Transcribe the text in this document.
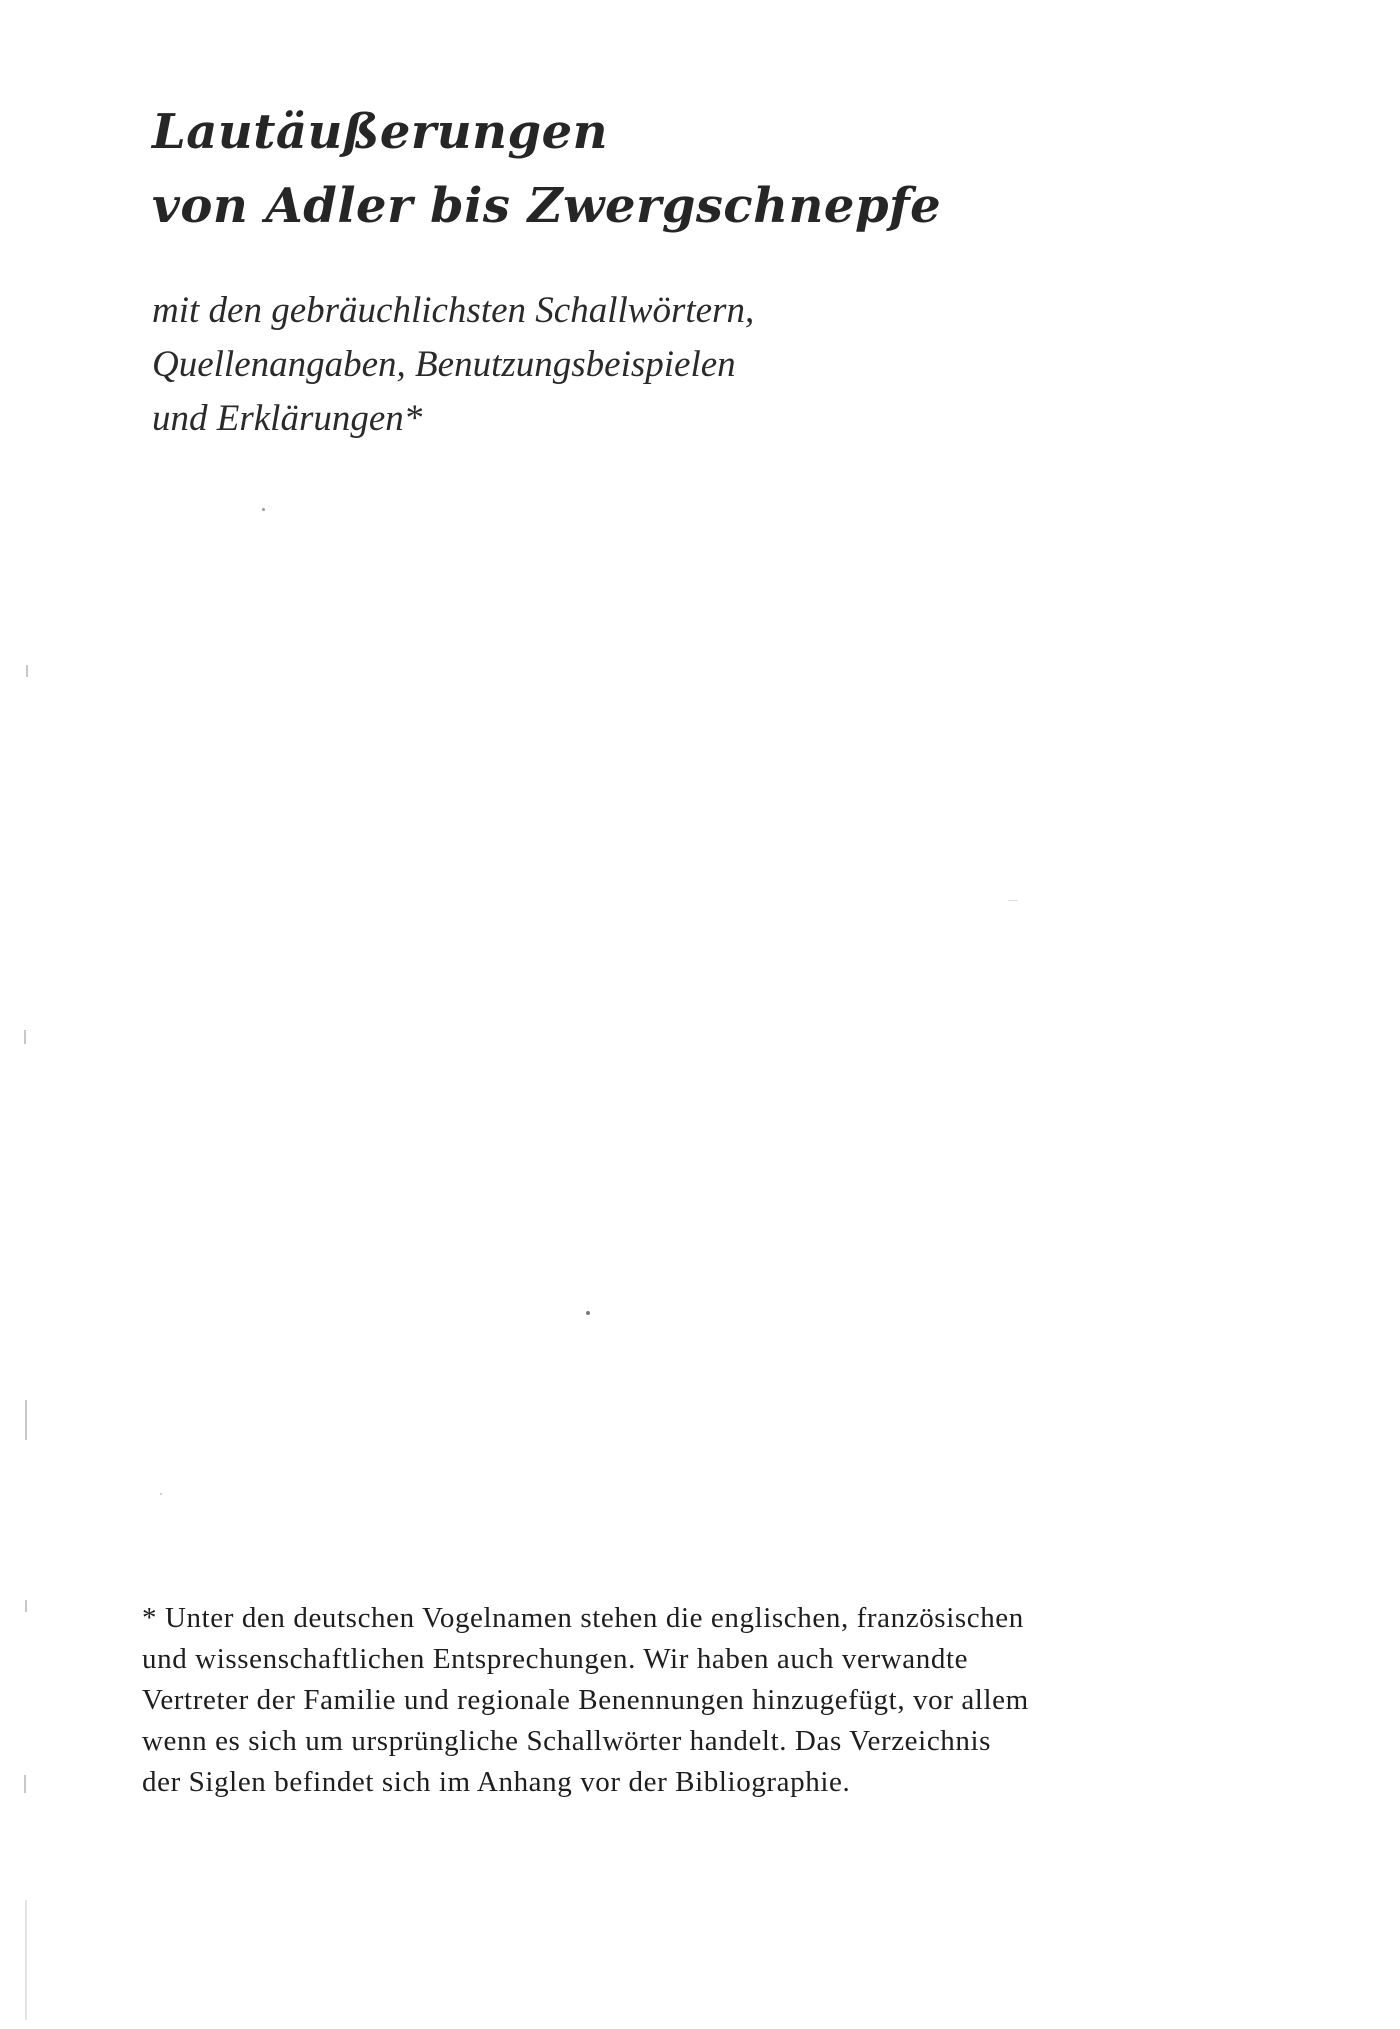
Lautäußerungen
von Adler bis Zwergschnepfe

mit den gebräuchlichsten Schallwörtern,
Quellenangaben, Benutzungsbeispielen
und Erklärungen*

* Unter den deutschen Vogelnamen stehen die englischen, französischen
und wissenschaftlichen Entsprechungen. Wir haben auch verwandte
Vertreter der Familie und regionale Benennungen hinzugefügt, vor allem
wenn es sich um ursprüngliche Schallwörter handelt. Das Verzeichnis
der Siglen befindet sich im Anhang vor der Bibliographie.
